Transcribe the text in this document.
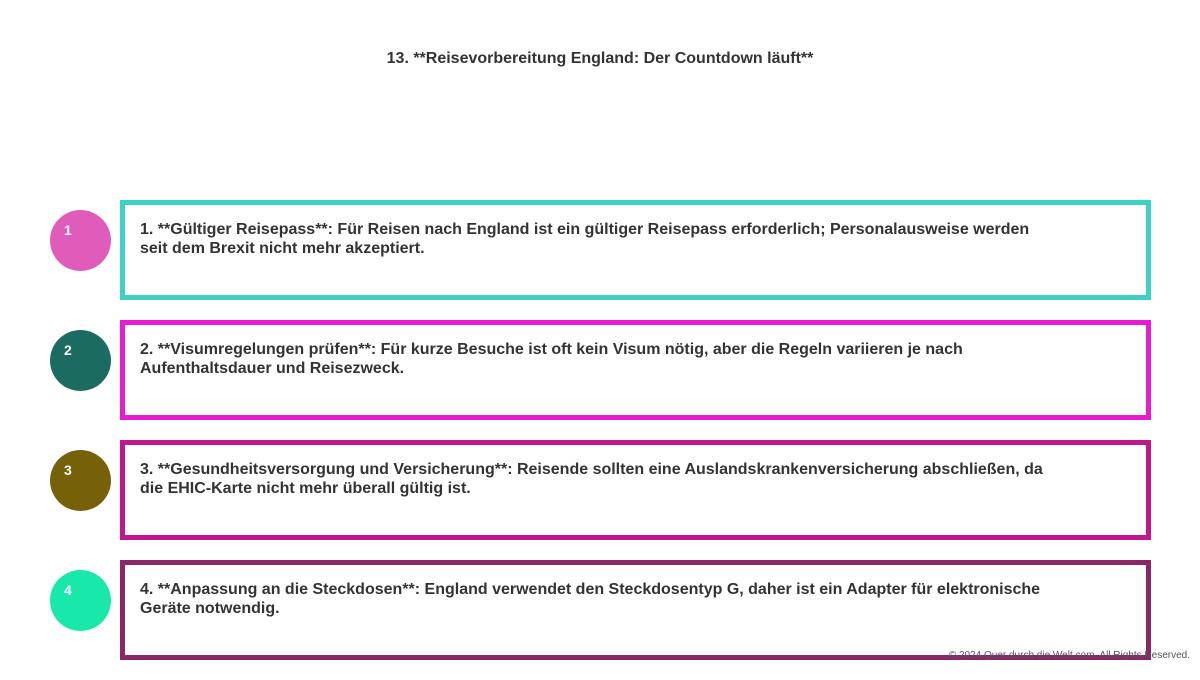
13. **Reisevorbereitung England: Der Countdown läuft**
1	1. **Gültiger Reisepass**: Für Reisen nach England ist ein gültiger Reisepass erforderlich; Personalausweise werden seit dem Brexit nicht mehr akzeptiert.
2	2. **Visumregelungen prüfen**: Für kurze Besuche ist oft kein Visum nötig, aber die Regeln variieren je nach Aufenthaltsdauer und Reisezweck.
3	3. **Gesundheitsversorgung und Versicherung**: Reisende sollten eine Auslandskrankenversicherung abschließen, da die EHIC-Karte nicht mehr überall gültig ist.
4	4. **Anpassung an die Steckdosen**: England verwendet den Steckdosentyp G, daher ist ein Adapter für elektronische Geräte notwendig.
© 2024 Quer durch die Welt.com. All Rights Reserved.
